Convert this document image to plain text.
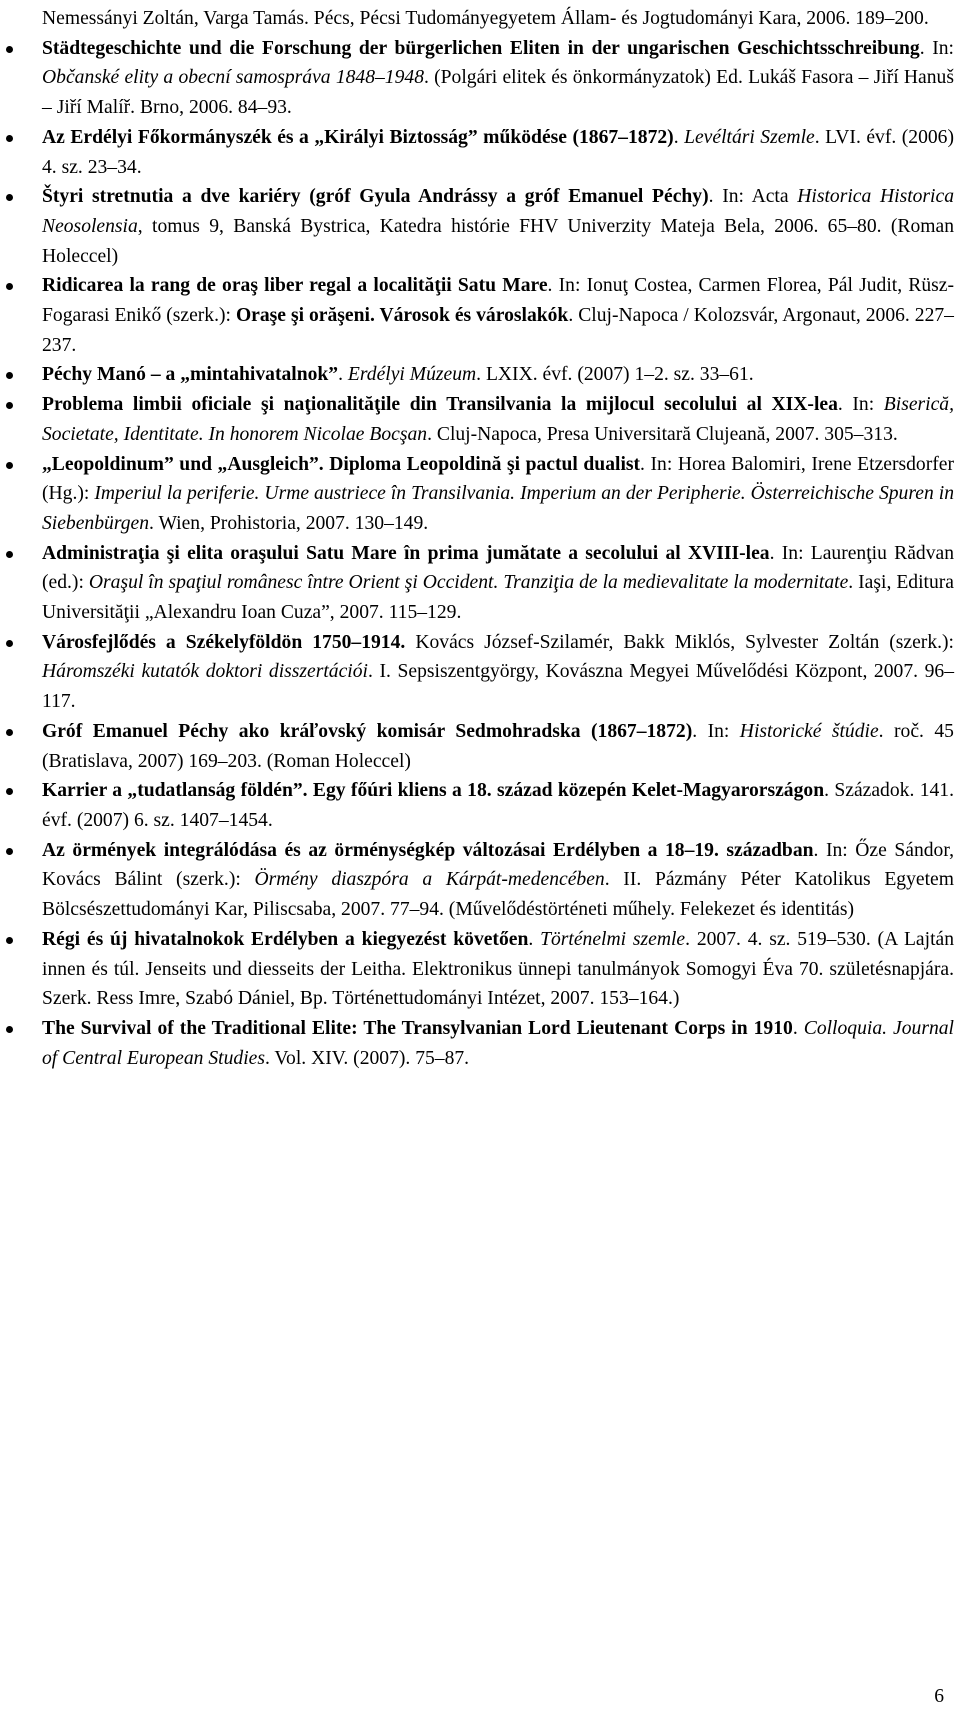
Nemessányi Zoltán, Varga Tamás. Pécs, Pécsi Tudományegyetem Állam- és Jogtudományi Kara, 2006. 189–200.
Städtegeschichte und die Forschung der bürgerlichen Eliten in der ungarischen Geschichtsschreibung. In: Občanské elity a obecní samospráva 1848–1948. (Polgári elitek és önkormányzatok) Ed. Lukáš Fasora – Jiří Hanuš – Jiří Malíř. Brno, 2006. 84–93.
Az Erdélyi Főkormányszék és a „Királyi Biztosság” működése (1867–1872). Levéltári Szemle. LVI. évf. (2006) 4. sz. 23–34.
Štyri stretnutia a dve kariéry (gróf Gyula Andrássy a gróf Emanuel Péchy). In: Acta Historica Historica Neosolensia, tomus 9, Banská Bystrica, Katedra histórie FHV Univerzity Mateja Bela, 2006. 65–80. (Roman Holeccel)
Ridicarea la rang de oraş liber regal a localităţii Satu Mare. In: Ionuţ Costea, Carmen Florea, Pál Judit, Rüsz-Fogarasi Enikő (szerk.): Oraşe şi orăşeni. Városok és városlakók. Cluj-Napoca / Kolozsvár, Argonaut, 2006. 227–237.
Péchy Manó – a „mintahivatalnok”. Erdélyi Múzeum. LXIX. évf. (2007) 1–2. sz. 33–61.
Problema limbii oficiale şi naţionalităţile din Transilvania la mijlocul secolului al XIX-lea. In: Biserică, Societate, Identitate. In honorem Nicolae Bocşan. Cluj-Napoca, Presa Universitară Clujeană, 2007. 305–313.
„Leopoldinum” und „Ausgleich”. Diploma Leopoldină şi pactul dualist. In: Horea Balomiri, Irene Etzersdorfer (Hg.): Imperiul la periferie. Urme austriece în Transilvania. Imperium an der Peripherie. Österreichische Spuren in Siebenbürgen. Wien, Prohistoria, 2007. 130–149.
Administraţia şi elita oraşului Satu Mare în prima jumătate a secolului al XVIII-lea. In: Laurenţiu Rădvan (ed.): Oraşul în spaţiul românesc între Orient şi Occident. Tranziţia de la medievalitate la modernitate. Iaşi, Editura Universităţii „Alexandru Ioan Cuza”, 2007. 115–129.
Városfejlődés a Székelyföldön 1750–1914. Kovács József-Szilamér, Bakk Miklós, Sylvester Zoltán (szerk.): Háromszéki kutatók doktori disszertációi. I. Sepsiszentgyörgy, Kovászna Megyei Művelődési Központ, 2007. 96–117.
Gróf Emanuel Péchy ako kráľovský komisár Sedmohradska (1867–1872). In: Historické štúdie. roč. 45 (Bratislava, 2007) 169–203. (Roman Holeccel)
Karrier a „tudatlanság földén”. Egy főúri kliens a 18. század közepén Kelet-Magyarországon. Századok. 141. évf. (2007) 6. sz. 1407–1454.
Az örmények integrálódása és az örménységkép változásai Erdélyben a 18–19. században. In: Őze Sándor, Kovács Bálint (szerk.): Örmény diaszpóra a Kárpát-medencében. II. Pázmány Péter Katolikus Egyetem Bölcsészettudományi Kar, Piliscsaba, 2007. 77–94. (Művelődéstörténeti műhely. Felekezet és identitás)
Régi és új hivatalnokok Erdélyben a kiegyezést követően. Történelmi szemle. 2007. 4. sz. 519–530. (A Lajtán innen és túl. Jenseits und diesseits der Leitha. Elektronikus ünnepi tanulmányok Somogyi Éva 70. születésnapjára. Szerk. Ress Imre, Szabó Dániel, Bp. Történettudományi Intézet, 2007. 153–164.)
The Survival of the Traditional Elite: The Transylvanian Lord Lieutenant Corps in 1910. Colloquia. Journal of Central European Studies. Vol. XIV. (2007). 75–87.
6
